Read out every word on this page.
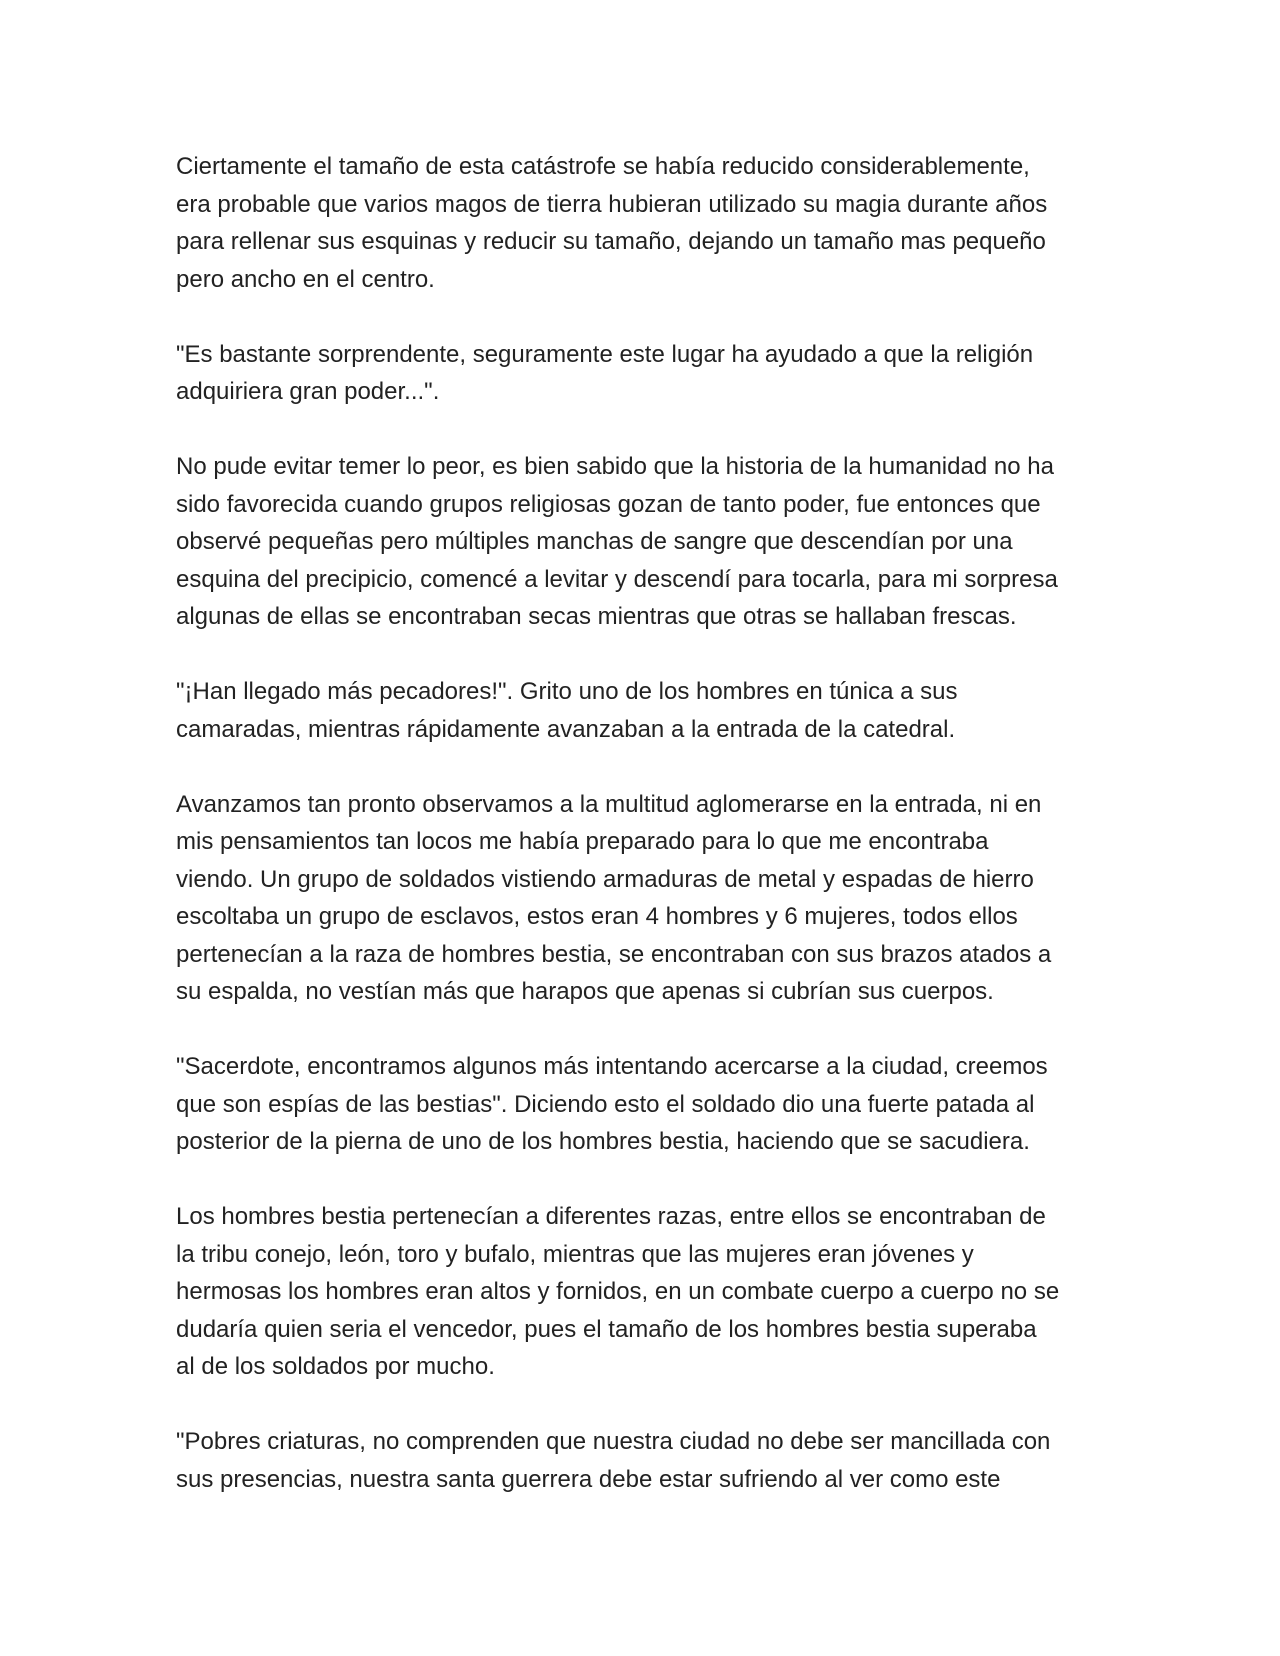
Ciertamente el tamaño de esta catástrofe se había reducido considerablemente,
era probable que varios magos de tierra hubieran utilizado su magia durante años
para rellenar sus esquinas y reducir su tamaño, dejando un tamaño mas pequeño
pero ancho en el centro.

"Es bastante sorprendente, seguramente este lugar ha ayudado a que la religión
adquiriera gran poder...".

No pude evitar temer lo peor, es bien sabido que la historia de la humanidad no ha
sido favorecida cuando grupos religiosas gozan de tanto poder, fue entonces que
observé pequeñas pero múltiples manchas de sangre que descendían por una
esquina del precipicio, comencé a levitar y descendí para tocarla, para mi sorpresa
algunas de ellas se encontraban secas mientras que otras se hallaban frescas.

"¡Han llegado más pecadores!". Grito uno de los hombres en túnica a sus
camaradas, mientras rápidamente avanzaban a la entrada de la catedral.

Avanzamos tan pronto observamos a la multitud aglomerarse en la entrada, ni en
mis pensamientos tan locos me había preparado para lo que me encontraba
viendo. Un grupo de soldados vistiendo armaduras de metal y espadas de hierro
escoltaba un grupo de esclavos, estos eran 4 hombres y 6 mujeres, todos ellos
pertenecían a la raza de hombres bestia, se encontraban con sus brazos atados a
su espalda, no vestían más que harapos que apenas si cubrían sus cuerpos.

"Sacerdote, encontramos algunos más intentando acercarse a la ciudad, creemos
que son espías de las bestias". Diciendo esto el soldado dio una fuerte patada al
posterior de la pierna de uno de los hombres bestia, haciendo que se sacudiera.

Los hombres bestia pertenecían a diferentes razas, entre ellos se encontraban de
la tribu conejo, león, toro y bufalo, mientras que las mujeres eran jóvenes y
hermosas los hombres eran altos y fornidos, en un combate cuerpo a cuerpo no se
dudaría quien seria el vencedor, pues el tamaño de los hombres bestia superaba
al de los soldados por mucho.

"Pobres criaturas, no comprenden que nuestra ciudad no debe ser mancillada con
sus presencias, nuestra santa guerrera debe estar sufriendo al ver como este
